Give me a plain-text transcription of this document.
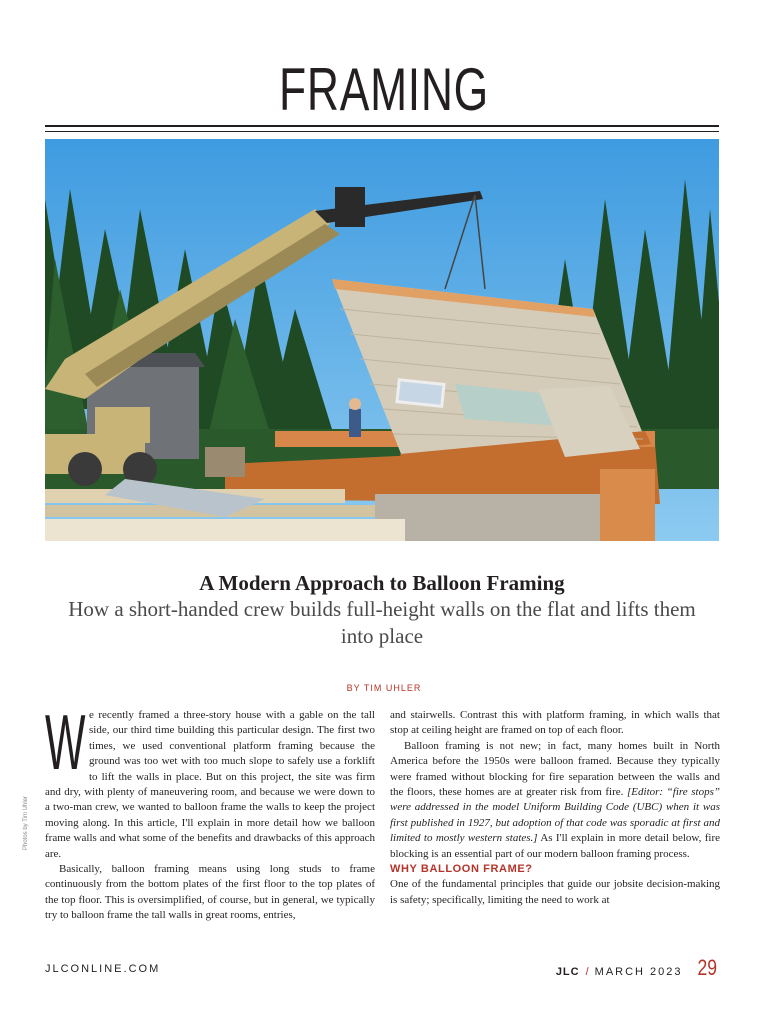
FRAMING
A Modern Approach to Balloon Framing
How a short-handed crew builds full-height walls on the flat and lifts them into place
BY TIM UHLER

We recently framed a three-story house with a gable on the tall side, our third time building this particular design. The first two times, we used conventional platform framing because the ground was too wet with too much slope to safely use a forklift to lift the walls in place. But on this project, the site was firm and dry, with plenty of maneuvering room, and because we were down to a two-man crew, we wanted to balloon frame the walls to keep the project moving along. In this article, I'll explain in more detail how we balloon frame walls and what some of the benefits and drawbacks of this approach are.

Basically, balloon framing means using long studs to frame continuously from the bottom plates of the first floor to the top plates of the top floor. This is oversimplified, of course, but in general, we typically try to balloon frame the tall walls in great rooms, entries,

and stairwells. Contrast this with platform framing, in which walls that stop at ceiling height are framed on top of each floor.

Balloon framing is not new; in fact, many homes built in North America before the 1950s were balloon framed. Because they typically were framed without blocking for fire separation between the walls and the floors, these homes are at greater risk from fire. [Editor: “fire stops” were addressed in the model Uniform Building Code (UBC) when it was first published in 1927, but adoption of that code was sporadic at first and limited to mostly western states.] As I'll explain in more detail below, fire blocking is an essential part of our modern balloon framing process.

WHY BALLOON FRAME?

One of the fundamental principles that guide our jobsite decision-making is safety; specifically, limiting the need to work at

Photos by Tim Uhler
JLCONLINE.COM	JLC / MARCH 2023 29
